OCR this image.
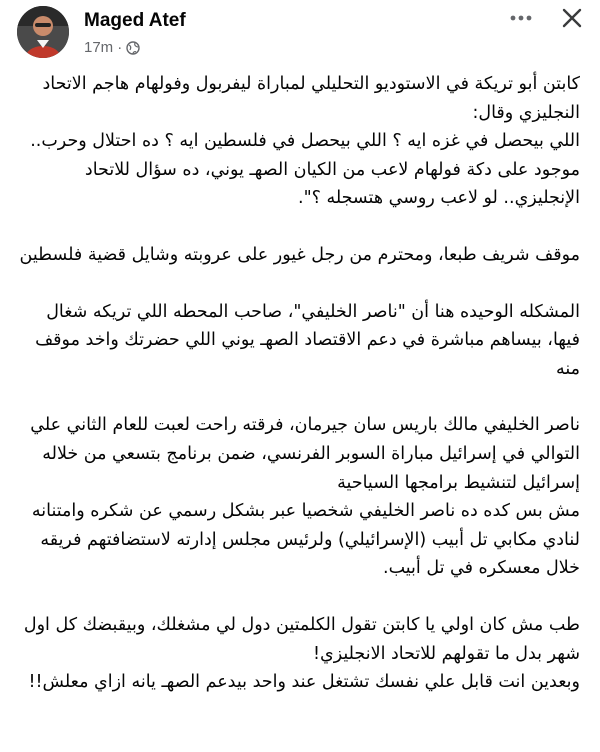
Maged Atef
17m ·

كابتن أبو تريكة في الاستوديو التحليلي لمباراة ليفربول وفولهام هاجم الاتحاد النجليزي وقال:

اللي بيحصل في غزه ايه ؟ اللي بيحصل في فلسطين ايه ؟ ده احتلال وحرب.. موجود على دكة فولهام لاعب من الكيان الصهـ يوني، ده سؤال للاتحاد الإنجليزي.. لو لاعب روسي هتسجله ؟".

موقف شريف طبعا، ومحترم من رجل غيور على عروبته وشايل قضية فلسطين

المشكله الوحيده هنا أن "ناصر الخليفي"، صاحب المحطه اللي تريكه شغال فيها، بيساهم مباشرة في دعم الاقتصاد الصهـ يوني اللي حضرتك واخد موقف منه

ناصر الخليفي مالك باريس سان جيرمان، فرقته راحت لعبت للعام الثاني علي التوالي في إسرائيل مباراة السوبر الفرنسي، ضمن برنامج بتسعي من خلاله إسرائيل لتنشيط برامجها السياحية

مش بس كده ده ناصر الخليفي شخصيا عبر بشكل رسمي عن شكره وامتنانه لنادي مكابي تل أبيب (الإسرائيلي) ولرئيس مجلس إدارته لاستضافتهم فريقه خلال معسكره في تل أبيب.

طب مش كان اولي يا كابتن تقول الكلمتين دول لي مشغلك، وبيقبضك كل اول شهر بدل ما تقولهم للاتحاد الانجليزي!

وبعدين انت قابل علي نفسك تشتغل عند واحد بيدعم الصهـ يانه ازاي معلش!!
